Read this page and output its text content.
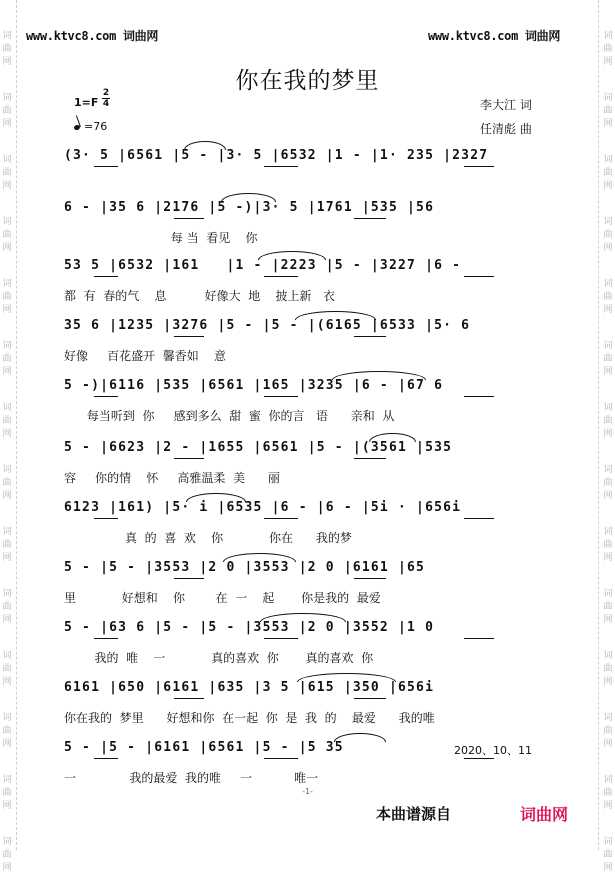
词
曲
网
词
曲
网
词
曲
网
词
曲
网
词
曲
网
词
曲
网
词
曲
网
词
曲
网
词
曲
网
词
曲
网
词
曲
网
词
曲
网
词
曲
网
词
曲
网
词
曲
网
词
曲
网
词
曲
网
词
曲
网
词
曲
网
词
曲
网
词
曲
网
词
曲
网
词
曲
网
词
曲
网
词
曲
网
词
曲
网
词
曲
网
词
曲
网
www.ktvc8.com 词曲网	www.ktvc8.com 词曲网
你在我的梦里
1=F
2
4
=76
李大江 词
任清彪 曲
(3· 5 |6561 |5 - |3· 5 |6532 |1 - |1· 235 |2327
6 - |35 6 |2176 |5 -)|3· 5 |1761 |535 |56
每 当  看见    你
53 5 |6532 |161   |1 - |2223 |5 - |3227 |6 -
都  有  春的气    息          好像大  地    披上新   衣
35 6 |1235 |3276 |5 - |5 - |(6165 |6533 |5· 6
好像     百花盛开  馨香如    意
5 -)|6116 |535 |6561 |165 |3235 |6 - |67 6
每当听到  你     感到多么  甜  蜜  你的言   语      亲和  从
5 - |6623 |2 - |1655 |6561 |5 - |(3561 |535
容     你的情    怀     高雅温柔  美      丽
6123 |161) |5· i |6535 |6 - |6 - |5i · |656i
真  的  喜  欢    你            你在      我的梦
5 - |5 - |3553 |2 0 |3553 |2 0 |6161 |65
里            好想和    你        在  一    起       你是我的  最爱
5 - |63 6 |5 - |5 - |3553 |2 0 |3552 |1 0
我的  唯    一            真的喜欢  你       真的喜欢  你
6161 |650 |6161 |635 |3 5 |615 |350 |656i
你在我的  梦里      好想和你  在一起  你  是  我  的    最爱      我的唯
5 - |5 - |6161 |6561 |5 - |5 35	2020、10、11
一              我的最爱  我的唯     一           唯一
-1-
本曲谱源自	词曲网
